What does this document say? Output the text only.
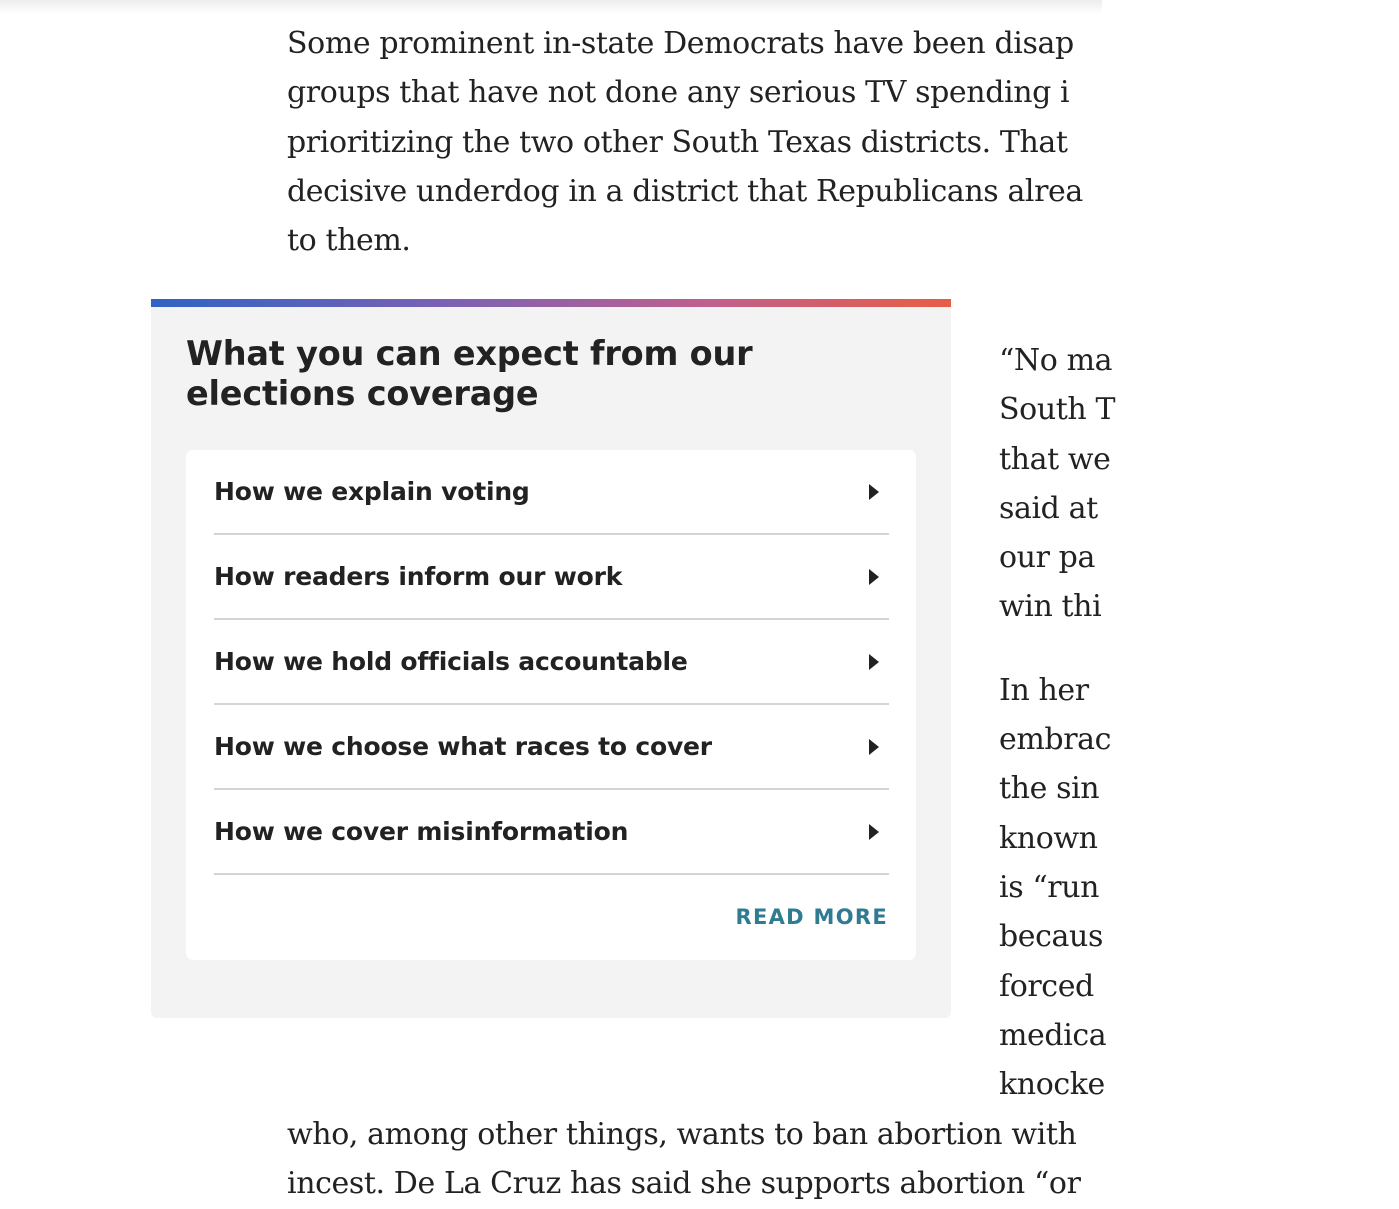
Some prominent in-state Democrats have been disap
groups that have not done any serious TV spending i
prioritizing the two other South Texas districts. That
decisive underdog in a district that Republicans alrea
to them.

What you can expect from our elections coverage
How we explain voting
How readers inform our work
How we hold officials accountable
How we choose what races to cover
How we cover misinformation
READ MORE

“No ma
South T
that we
said at
our pa
win thi

In her
embrac
the sin
known
is “run
becaus
forced
medica
knocke

who, among other things, wants to ban abortion with
incest. De La Cruz has said she supports abortion “or
